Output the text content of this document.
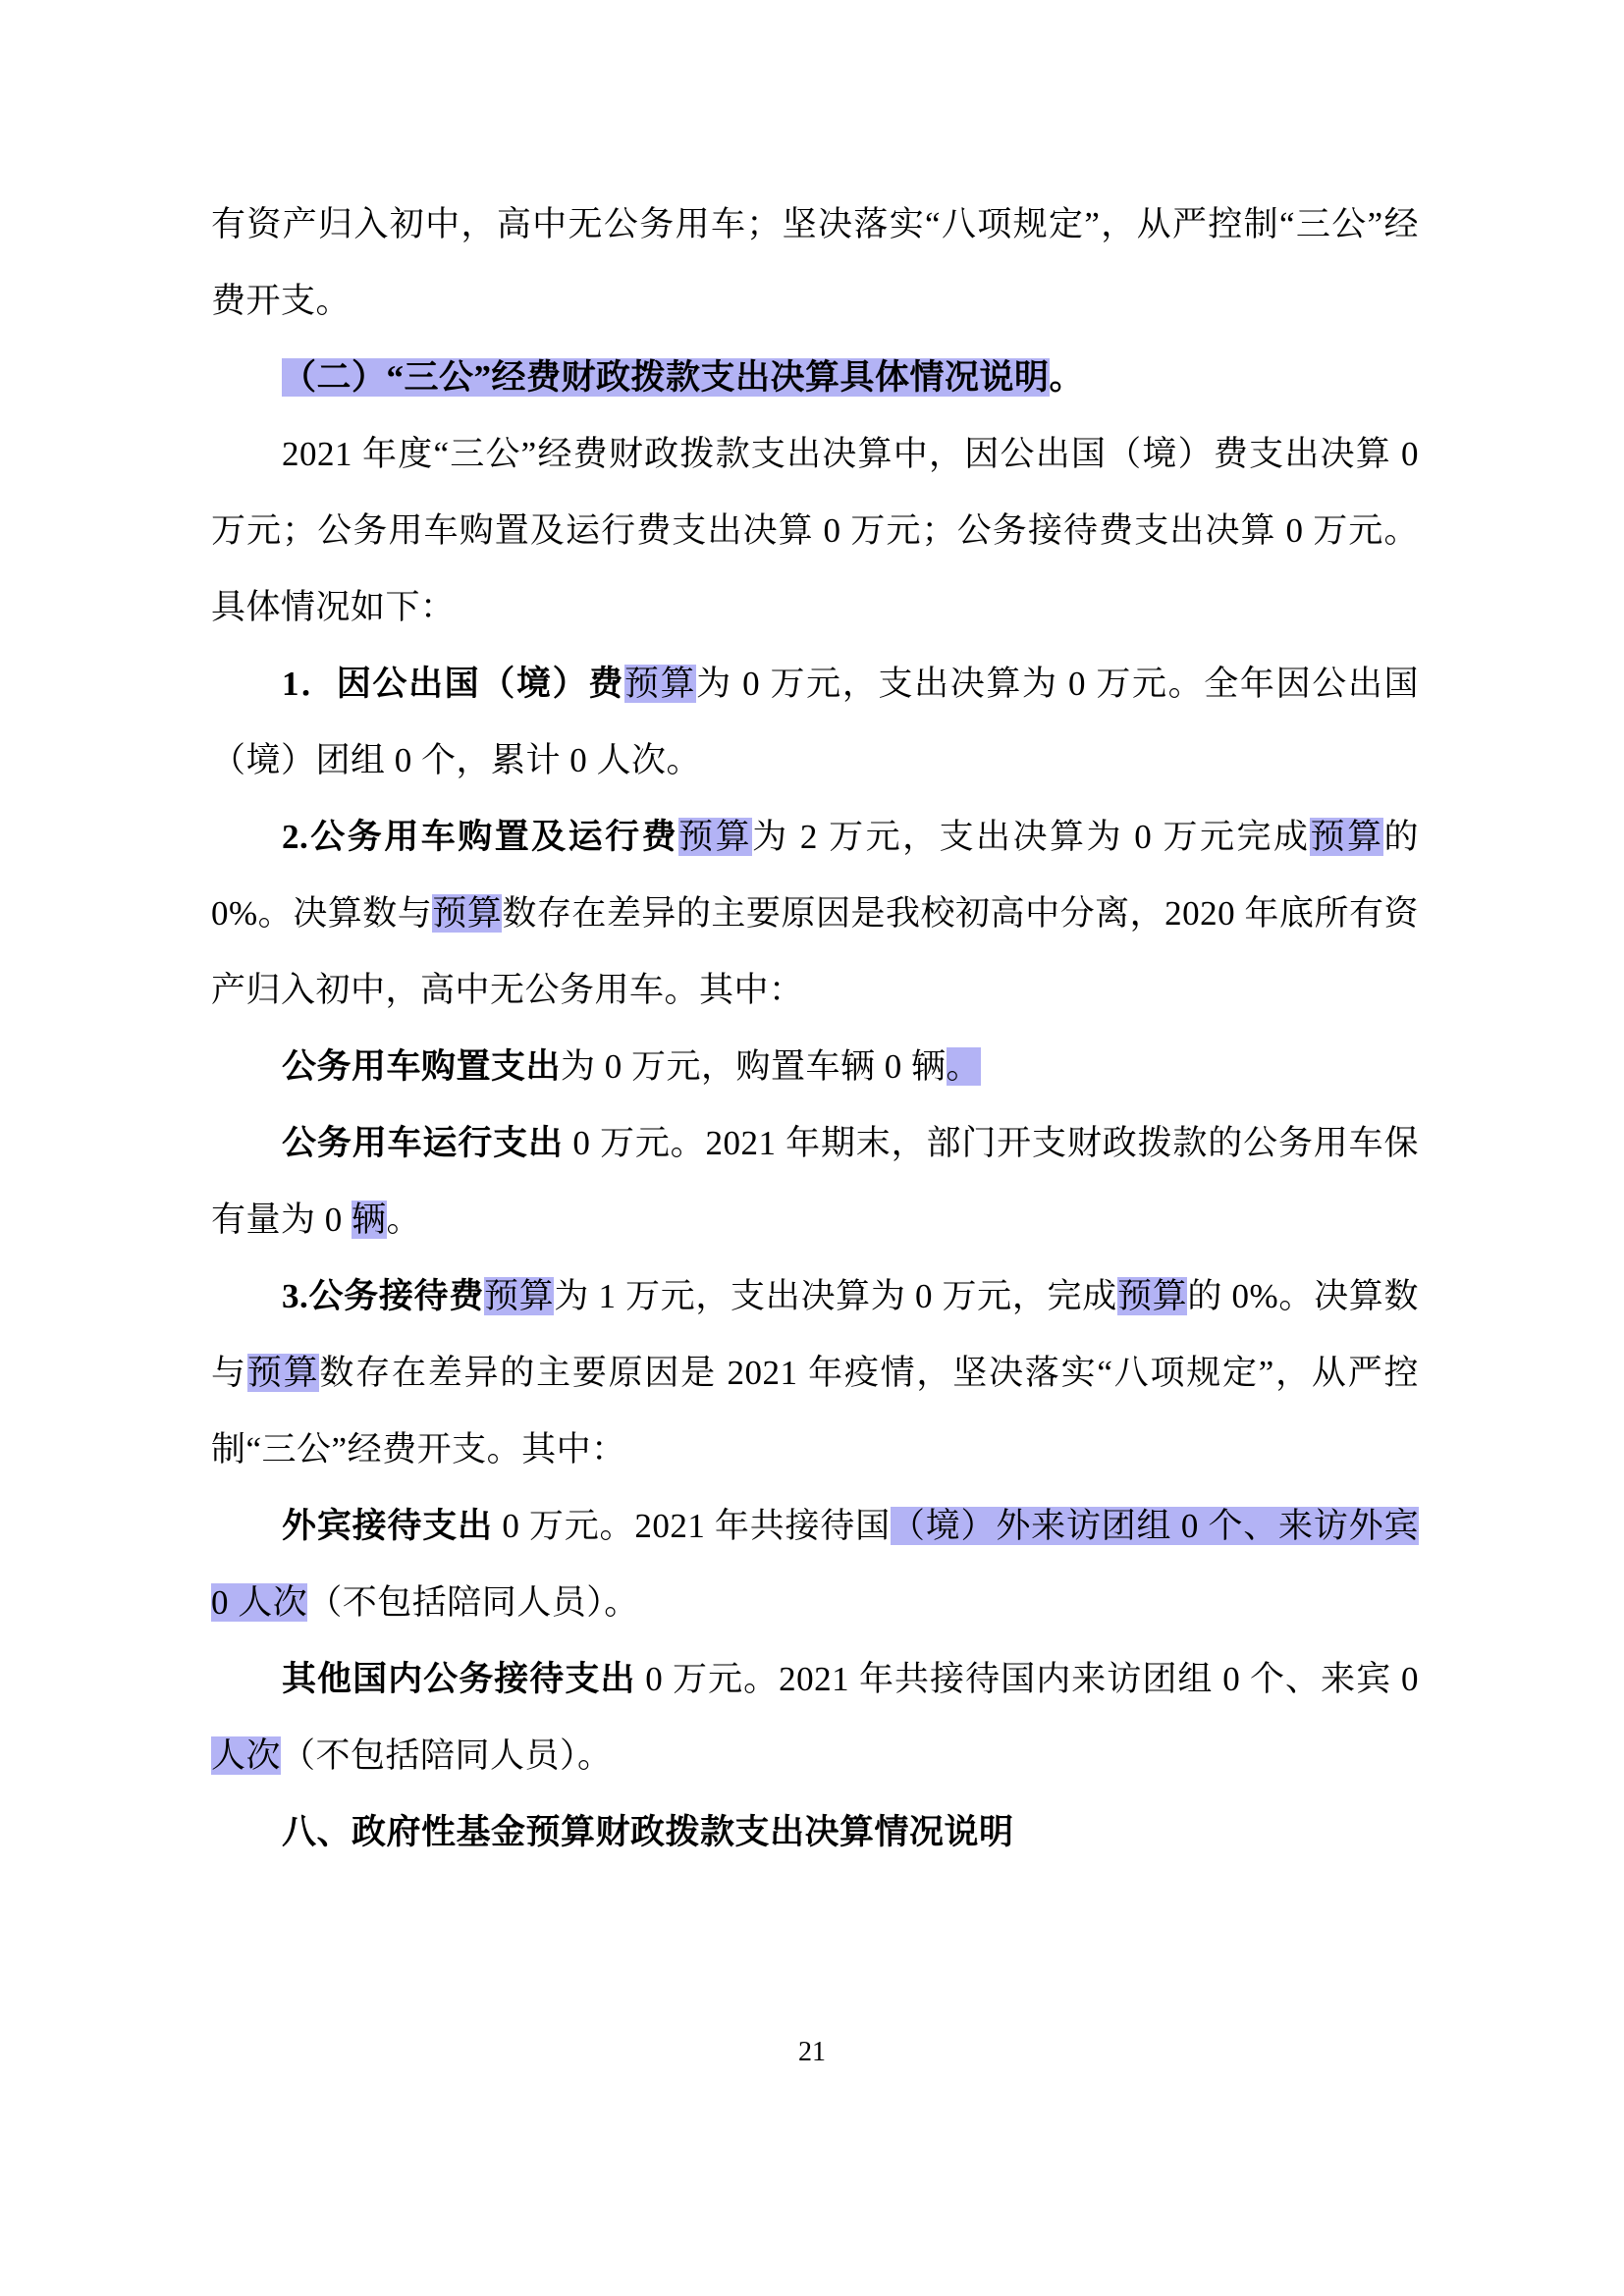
有资产归入初中，高中无公务用车；坚决落实“八项规定”，从严控制“三公”经费开支。

（二）“三公”经费财政拨款支出决算具体情况说明。

2021 年度“三公”经费财政拨款支出决算中，因公出国（境）费支出决算 0 万元；公务用车购置及运行费支出决算 0 万元；公务接待费支出决算 0 万元。具体情况如下：

1．因公出国（境）费预算为 0 万元，支出决算为 0 万元。全年因公出国（境）团组 0 个，累计 0 人次。

2.公务用车购置及运行费预算为 2 万元，支出决算为 0 万元完成预算的 0%。决算数与预算数存在差异的主要原因是我校初高中分离，2020 年底所有资产归入初中，高中无公务用车。其中：

公务用车购置支出为 0 万元，购置车辆 0 辆。

公务用车运行支出 0 万元。2021 年期末，部门开支财政拨款的公务用车保有量为 0 辆。

3.公务接待费预算为 1 万元，支出决算为 0 万元，完成预算的 0%。决算数与预算数存在差异的主要原因是 2021 年疫情，坚决落实“八项规定”，从严控制“三公”经费开支。其中：

外宾接待支出 0 万元。2021 年共接待国（境）外来访团组 0 个、来访外宾 0 人次（不包括陪同人员）。

其他国内公务接待支出 0 万元。2021 年共接待国内来访团组 0 个、来宾 0 人次（不包括陪同人员）。

八、政府性基金预算财政拨款支出决算情况说明

21
